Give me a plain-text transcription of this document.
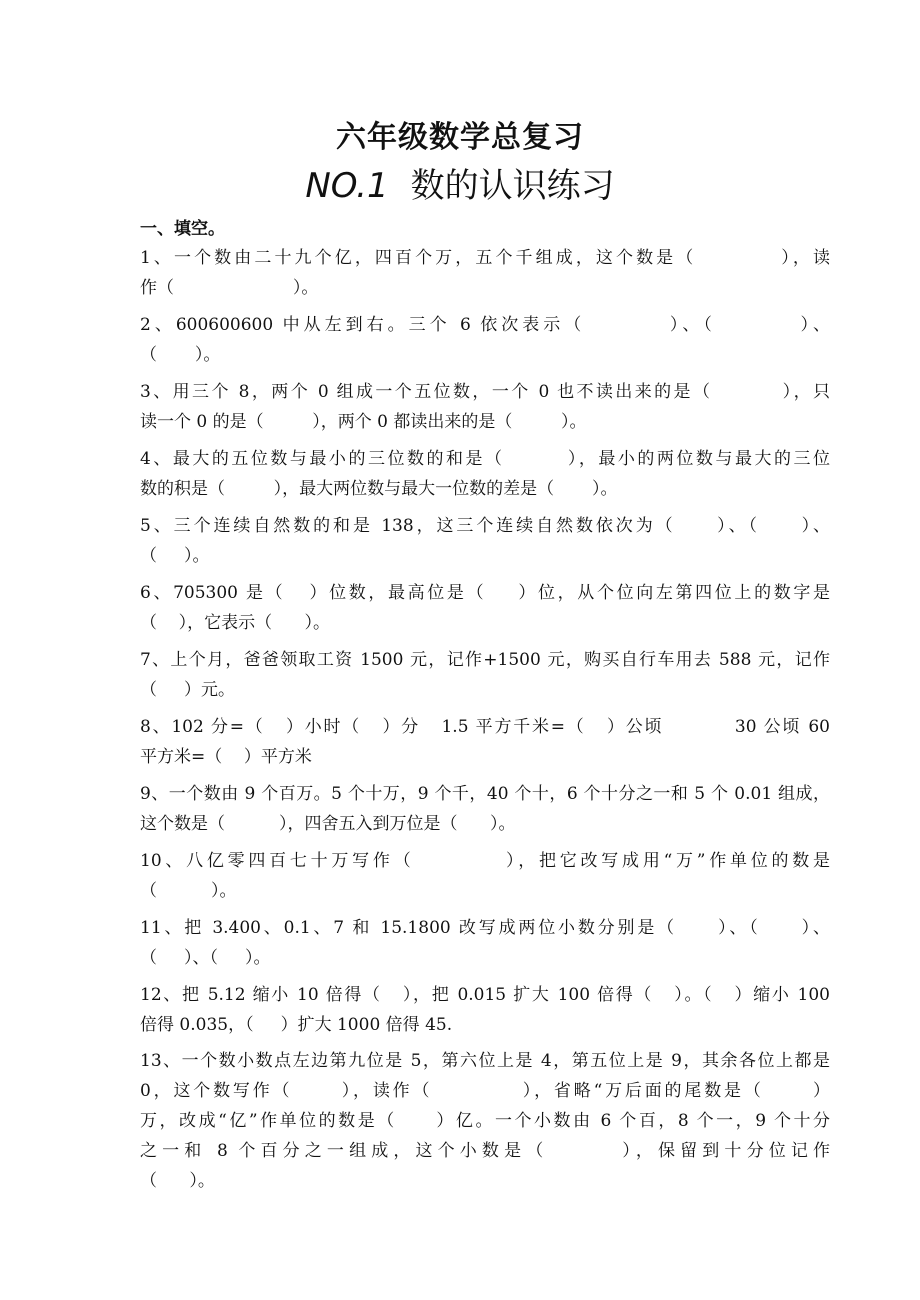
六年级数学总复习
NO.1 数的认识练习
一、填空。
1、一个数由二十九个亿，四百个万，五个千组成，这个数是（          ），读
作（                      ）。
2、600600600 中从左到右。三个 6 依次表示（         ）、（         ）、
（       ）。
3、用三个 8，两个 0 组成一个五位数，一个 0 也不读出来的是（         ），只
读一个 0 的是（         ），两个 0 都读出来的是（         ）。
4、最大的五位数与最小的三位数的和是（        ），最小的两位数与最大的三位
数的积是（         ），最大两位数与最大一位数的差是（       ）。
5、三个连续自然数的和是 138，这三个连续自然数依次为（     ）、（     ）、
（     ）。
6、705300 是（   ）位数，最高位是（    ）位，从个位向左第四位上的数字是
（    ），它表示（      ）。
7、上个月，爸爸领取工资 1500 元，记作+1500 元，购买自行车用去 588 元，记作
（     ）元。
8、102 分=（   ）小时（   ）分   1.5 平方千米=（   ）公顷          30 公顷 60
平方米=（    ）平方米
9、一个数由 9 个百万。5 个十万，9 个千，40 个十，6 个十分之一和 5 个 0.01 组成，
这个数是（          ），四舍五入到万位是（      ）。
10、八亿零四百七十万写作（          ），把它改写成用“万”作单位的数是
（          ）。
11、把 3.400、0.1、7 和 15.1800 改写成两位小数分别是（     ）、（     ）、
（     ）、（     ）。
12、把 5.12 缩小 10 倍得（   ），把 0.015 扩大 100 倍得（   ）。（   ）缩小 100
倍得 0.035，（     ）扩大 1000 倍得 45.
13、一个数小数点左边第九位是 5，第六位上是 4，第五位上是 9，其余各位上都是
0，这个数写作（      ），读作（           ），省略“万后面的尾数是（      ）
万，改成“亿”作单位的数是（     ）亿。一个小数由 6 个百，8 个一，9 个十分
之一和 8 个百分之一组成，这个小数是（       ），保留到十分位记作
（      ）。
